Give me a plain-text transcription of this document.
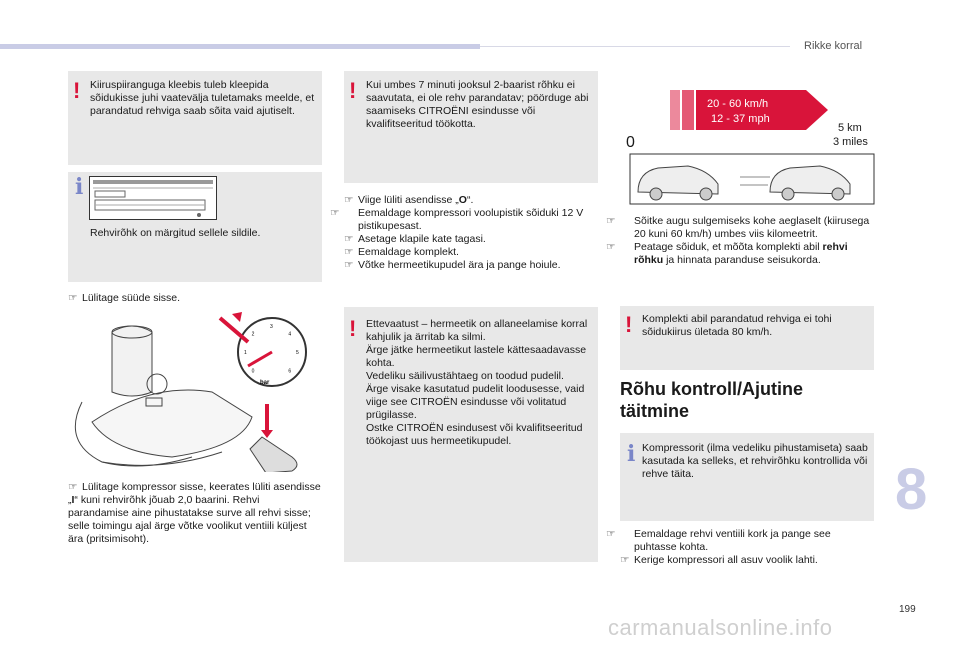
Rikke korral
! Kiiruspiiranguga kleebis tuleb kleepida sõidukisse juhi vaatevälja tuletamaks meelde, et parandatud rehviga saab sõita vaid ajutiselt.
i
Rehvirõhk on märgitud sellele sildile.
☞ Lülitage süüde sisse.
bar
0
1
2
3
4
5
6
☞ Lülitage kompressor sisse, keerates lüliti asendisse „I“ kuni rehvirõhk jõuab 2,0 baarini. Rehvi parandamise aine pihustatakse surve all rehvi sisse; selle toimingu ajal ärge võtke voolikut ventiili küljest ära (pritsimisoht).
! Kui umbes 7 minuti jooksul 2-baarist rõhku ei saavutata, ei ole rehv parandatav; pöörduge abi saamiseks CITROËNI esindusse või kvalifitseeritud töökotta.
☞ Viige lüliti asendisse „O“.
☞ Eemaldage kompressori voolupistik sõiduki 12 V pistikupesast.
☞ Asetage klapile kate tagasi.
☞ Eemaldage komplekt.
☞ Võtke hermeetikupudel ära ja pange hoiule.
! Ettevaatust – hermeetik on allaneelamise korral kahjulik ja ärritab ka silmi.
Ärge jätke hermeetikut lastele kättesaadavasse kohta.
Vedeliku säilivustähtaeg on toodud pudelil.
Ärge visake kasutatud pudelit loodusesse, vaid viige see CITROËN esindusse või volitatud prügilasse.
Ostke CITROËN esindusest või kvalifitseeritud töökojast uus hermeetikupudel.
20 - 60 km/h
12 - 37 mph
5 km
3 miles
0
☞ Sõitke augu sulgemiseks kohe aeglaselt (kiirusega 20 kuni 60 km/h) umbes viis kilomeetrit.
☞ Peatage sõiduk, et mõõta komplekti abil rehvi rõhku ja hinnata paranduse seisukorda.
! Komplekti abil parandatud rehviga ei tohi sõidukiirus ületada 80 km/h.
Rõhu kontroll/Ajutine täitmine
i Kompressorit (ilma vedeliku pihustamiseta) saab kasutada ka selleks, et rehvirõhku kontrollida või rehve täita.
☞ Eemaldage rehvi ventiili kork ja pange see puhtasse kohta.
☞ Kerige kompressori all asuv voolik lahti.
8
199
carmanualsonline.info
